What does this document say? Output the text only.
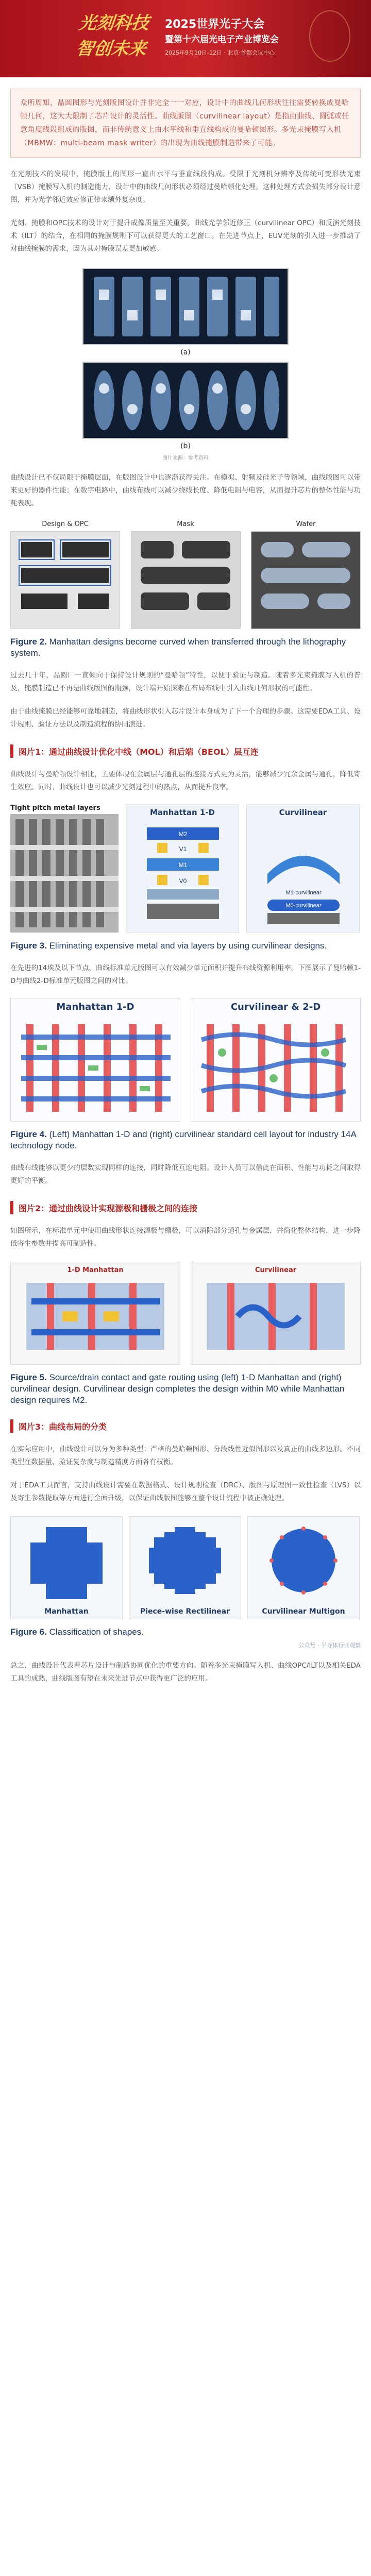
光刻科技 智创未来
2025世界光子大会
暨第十六届光电子产业博览会
2025年9月10日-12日 · 北京·首都会议中心
众所周知，晶圆图形与光刻版图设计并非完全一一对应，设计中的曲线几何形状往往需要转换成曼哈顿几何，这大大限制了芯片设计的灵活性。曲线版图（curvilinear layout）是指由曲线、圆弧或任意角度线段组成的版图，而非传统意义上由水平线和垂直线构成的曼哈顿图形。多光束掩膜写入机（MBMW：multi-beam mask writer）的出现为曲线掩膜制造带来了可能。
在光刻技术的发展中，掩膜版上的图形一直由水平与垂直线段构成。受限于光刻机分辨率及传统可变形状光束（VSB）掩膜写入机的制造能力，设计中的曲线几何形状必须经过曼哈顿化处理。这种处理方式会损失部分设计意图，并为光学邻近效应修正带来额外复杂度。
光刻、掩膜和OPC技术的设计对于提升成像质量至关重要。曲线光学邻近修正（curvilinear OPC）和反演光刻技术（ILT）的结合，在相同的掩膜规则下可以获得更大的工艺窗口。在先进节点上，EUV光刻的引入进一步推动了对曲线掩膜的需求，因为其对掩膜误差更加敏感。
(a)
(b)
图片来源：参考资料
曲线设计已不仅局限于掩膜层面，在版图设计中也逐渐获得关注。在模拟、射频及硅光子等领域，曲线版图可以带来更好的器件性能；在数字电路中，曲线布线可以减少绕线长度、降低电阻与电容，从而提升芯片的整体性能与功耗表现。
Design & OPC	Mask	Wafer
Figure 2. Manhattan designs become curved when transferred through the lithography system.
过去几十年，晶圆厂一直倾向于保持设计规则的“曼哈顿”特性，以便于验证与制造。随着多光束掩膜写入机的普及，掩膜制造已不再是曲线版图的瓶颈，设计端开始探索在布局布线中引入曲线几何形状的可能性。
由于曲线掩膜已经能够可靠地制造，将曲线形状引入芯片设计本身成为了下一个合理的步骤。这需要EDA工具、设计规则、验证方法以及制造流程的协同演进。
图片1：通过曲线设计优化中线（MOL）和后端（BEOL）层互连
曲线设计与曼哈顿设计相比，主要体现在金属层与通孔层的连接方式更为灵活，能够减少冗余金属与通孔，降低寄生效应。同时，曲线设计也可以减少光刻过程中的热点，从而提升良率。
Tight pitch metal layers	Manhattan 1-D
M2
V1
M1
V0
Curvilinear
M1-curvilinear
M0-curvilinear
Figure 3. Eliminating expensive metal and via layers by using curvilinear designs.
在先进的14埃及以下节点，曲线标准单元版图可以有效减少单元面积并提升布线资源利用率。下图展示了曼哈顿1-D与曲线2-D标准单元版图之间的对比。
Manhattan 1-D	Curvilinear & 2-D
Figure 4. (Left) Manhattan 1-D and (right) curvilinear standard cell layout for industry 14A technology node.
曲线布线能够以更少的层数实现同样的连接，同时降低互连电阻。设计人员可以借此在面积、性能与功耗之间取得更好的平衡。
图片2：通过曲线设计实现源极和栅极之间的连接
如图所示，在标准单元中使用曲线形状连接源极与栅极，可以消除部分通孔与金属层，并简化整体结构，进一步降低寄生参数并提高可制造性。
1-D Manhattan	Curvilinear
Figure 5. Source/drain contact and gate routing using (left) 1-D Manhattan and (right) curvilinear design. Curvilinear design completes the design within M0 while Manhattan design requires M2.
图片3：曲线布局的分类
在实际应用中，曲线设计可以分为多种类型：严格的曼哈顿图形、分段线性近似图形以及真正的曲线多边形。不同类型在数据量、验证复杂度与制造精度方面各有权衡。
对于EDA工具而言，支持曲线设计需要在数据格式、设计规则检查（DRC）、版图与原理图一致性检查（LVS）以及寄生参数提取等方面进行全面升级，以保证曲线版图能够在整个设计流程中被正确处理。
Manhattan	Piece-wise Rectilinear	Curvilinear Multigon
Figure 6. Classification of shapes.
公众号 · 半导体行业观察
总之，曲线设计代表着芯片设计与制造协同优化的重要方向。随着多光束掩膜写入机、曲线OPC/ILT以及相关EDA工具的成熟，曲线版图有望在未来先进节点中获得更广泛的应用。
